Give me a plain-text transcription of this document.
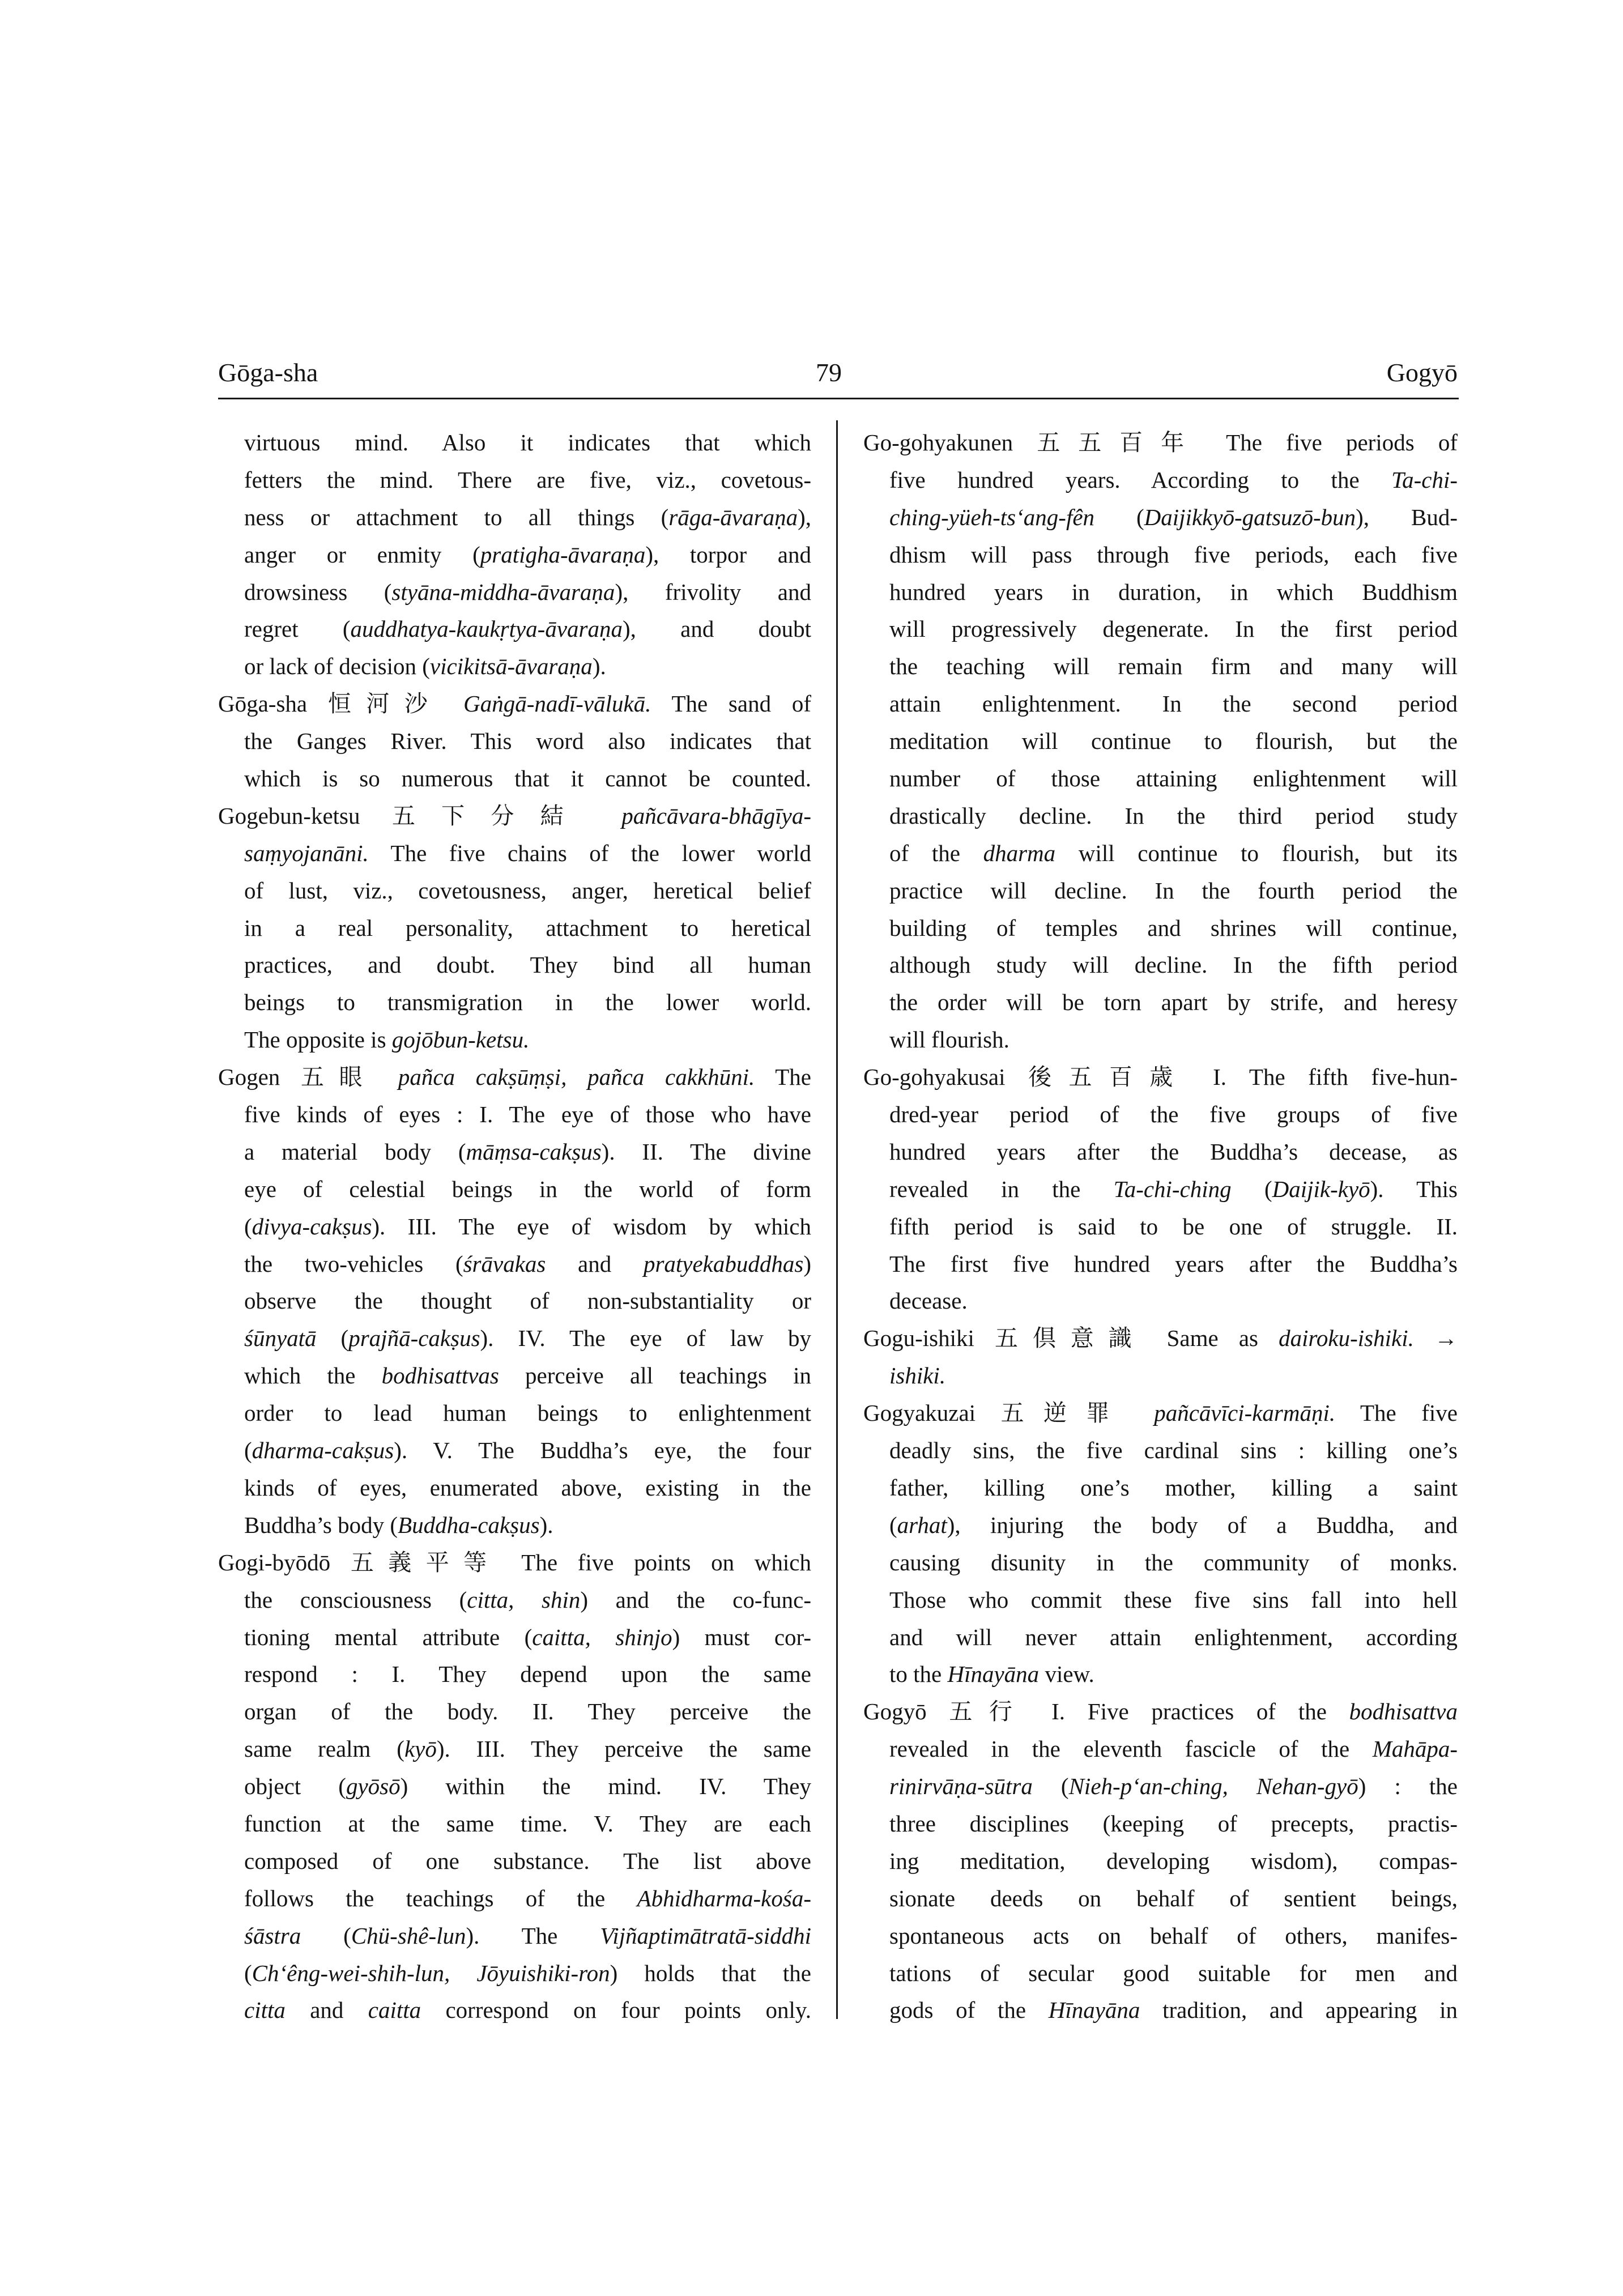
Gōga-sha	79	Gogyō
virtuous mind. Also it indicates that which
fetters the mind. There are five, viz., covetous-
ness or attachment to all things (rāga-āvaraṇa),
anger or enmity (pratigha-āvaraṇa), torpor and
drowsiness (styāna-middha-āvaraṇa), frivolity and
regret (auddhatya-kaukṛtya-āvaraṇa), and doubt
or lack of decision (vicikitsā-āvaraṇa).
Gōga-sha 恒河沙 Gaṅgā-nadī-vālukā. The sand of
the Ganges River. This word also indicates that
which is so numerous that it cannot be counted.
Gogebun-ketsu 五下分結 pañcāvara-bhāgīya-
saṃyojanāni. The five chains of the lower world
of lust, viz., covetousness, anger, heretical belief
in a real personality, attachment to heretical
practices, and doubt. They bind all human
beings to transmigration in the lower world.
The opposite is gojōbun-ketsu.
Gogen 五眼 pañca cakṣūṃṣi, pañca cakkhūni. The
five kinds of eyes : I. The eye of those who have
a material body (māṃsa-cakṣus). II. The divine
eye of celestial beings in the world of form
(divya-cakṣus). III. The eye of wisdom by which
the two-vehicles (śrāvakas and pratyekabuddhas)
observe the thought of non-substantiality or
śūnyatā (prajñā-cakṣus). IV. The eye of law by
which the bodhisattvas perceive all teachings in
order to lead human beings to enlightenment
(dharma-cakṣus). V. The Buddha’s eye, the four
kinds of eyes, enumerated above, existing in the
Buddha’s body (Buddha-cakṣus).
Gogi-byōdō 五義平等 The five points on which
the consciousness (citta, shin) and the co-func-
tioning mental attribute (caitta, shinjo) must cor-
respond : I. They depend upon the same
organ of the body. II. They perceive the
same realm (kyō). III. They perceive the same
object (gyōsō) within the mind. IV. They
function at the same time. V. They are each
composed of one substance. The list above
follows the teachings of the Abhidharma-kośa-
śāstra (Chü-shê-lun). The Vijñaptimātratā-siddhi
(Ch‘êng-wei-shih-lun, Jōyuishiki-ron) holds that the
citta and caitta correspond on four points only.
Go-gohyakunen 五五百年 The five periods of
five hundred years. According to the Ta-chi-
ching-yüeh-ts‘ang-fên (Daijikkyō-gatsuzō-bun), Bud-
dhism will pass through five periods, each five
hundred years in duration, in which Buddhism
will progressively degenerate. In the first period
the teaching will remain firm and many will
attain enlightenment. In the second period
meditation will continue to flourish, but the
number of those attaining enlightenment will
drastically decline. In the third period study
of the dharma will continue to flourish, but its
practice will decline. In the fourth period the
building of temples and shrines will continue,
although study will decline. In the fifth period
the order will be torn apart by strife, and heresy
will flourish.
Go-gohyakusai 後五百歳 I. The fifth five-hun-
dred-year period of the five groups of five
hundred years after the Buddha’s decease, as
revealed in the Ta-chi-ching (Daijik-kyō). This
fifth period is said to be one of struggle. II.
The first five hundred years after the Buddha’s
decease.
Gogu-ishiki 五倶意識 Same as dairoku-ishiki. →
ishiki.
Gogyakuzai 五逆罪 pañcāvīci-karmāṇi. The five
deadly sins, the five cardinal sins : killing one’s
father, killing one’s mother, killing a saint
(arhat), injuring the body of a Buddha, and
causing disunity in the community of monks.
Those who commit these five sins fall into hell
and will never attain enlightenment, according
to the Hīnayāna view.
Gogyō 五行 I. Five practices of the bodhisattva
revealed in the eleventh fascicle of the Mahāpa-
rinirvāṇa-sūtra (Nieh-p‘an-ching, Nehan-gyō) : the
three disciplines (keeping of precepts, practis-
ing meditation, developing wisdom), compas-
sionate deeds on behalf of sentient beings,
spontaneous acts on behalf of others, manifes-
tations of secular good suitable for men and
gods of the Hīnayāna tradition, and appearing in
